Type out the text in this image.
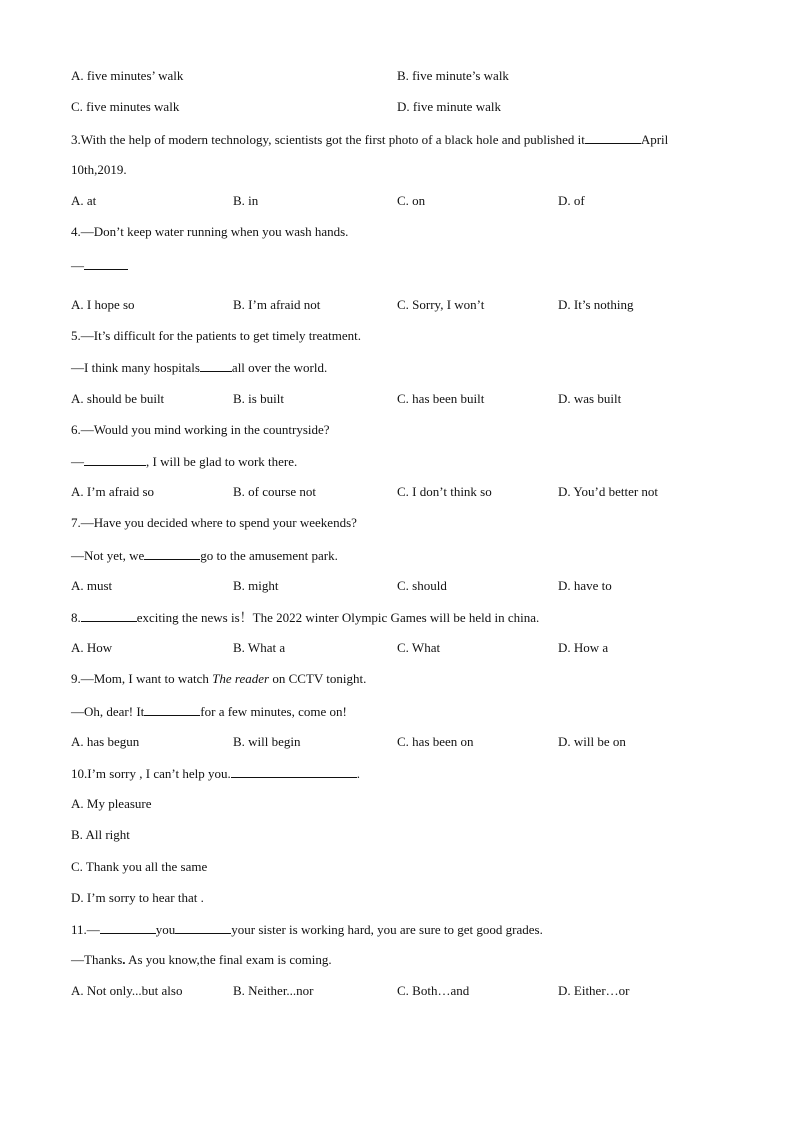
A. five minutes’ walk	B. five minute’s walk
C. five minutes walk	D. five minute walk
3.With the help of modern technology, scientists got the first photo of a black hole and published it	April
10th,2019.
A. at	B. in	C. on	D. of
4.—Don’t keep water running when you wash hands.
—
A. I hope so	B. I’m afraid not	C. Sorry, I won’t	D. It’s nothing
5.—It’s difficult for the patients to get timely treatment.
—I think many hospitals all over the world.
A. should be built	B. is built	C. has been built	D. was built
6.—Would you mind working in the countryside?
—	, I will be glad to work there.
A. I’m afraid so	B. of course not	C. I don’t think so	D. You’d better not
7.—Have you decided where to spend your weekends?
—Not yet, we	go to the amusement park.
A. must	B. might	C. should	D. have to
8.	exciting the news is！The 2022 winter Olympic Games will be held in china.
A. How	B. What a	C. What	D. How a
9.—Mom, I want to watch The reader on CCTV tonight.
—Oh, dear! It	for a few minutes, come on!
A. has begun	B. will begin	C. has been on	D. will be on
10.I’m sorry , I can’t help you.	.
A. My pleasure
B. All right
C. Thank you all the same
D. I’m sorry to hear that .
11.—	you	your sister is working hard, you are sure to get good grades.
—Thanks. As you know,the final exam is coming.
A. Not only...but also	B. Neither...nor	C. Both…and	D. Either…or
